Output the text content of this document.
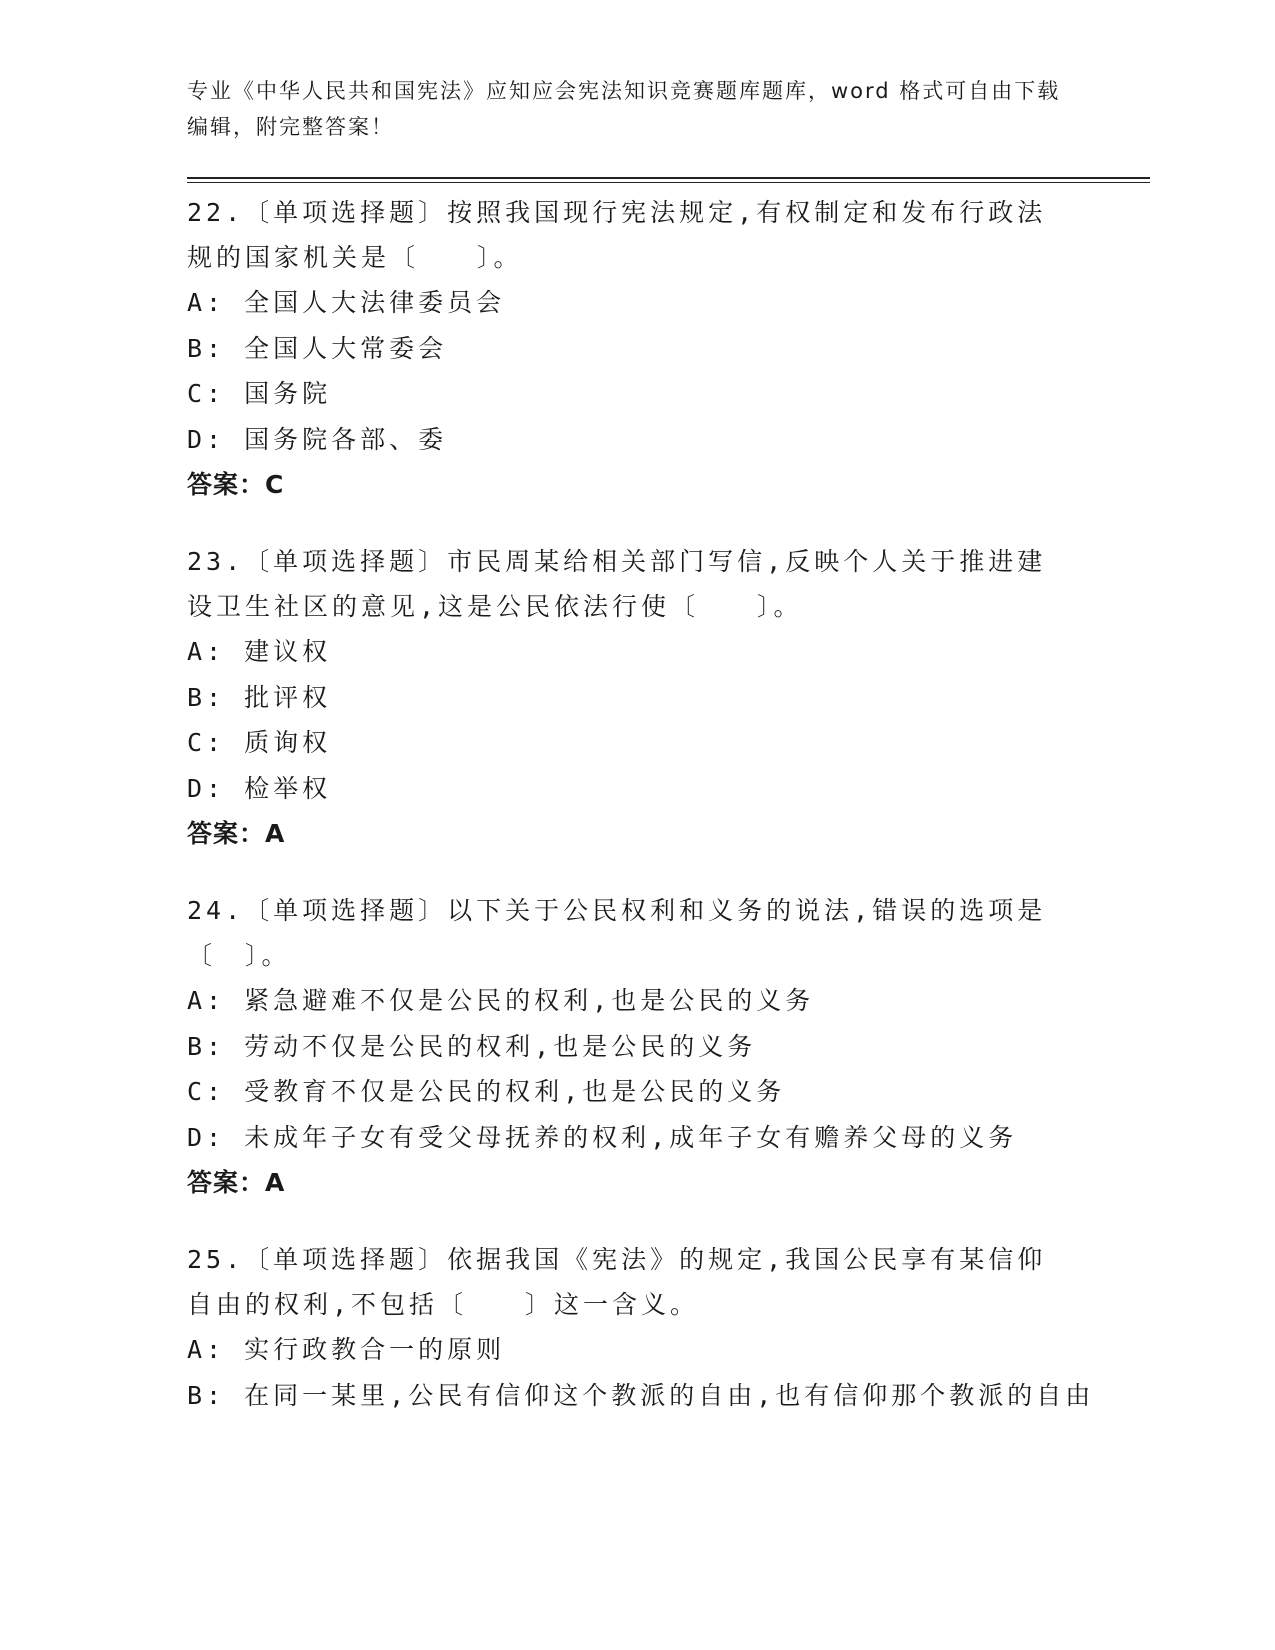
专业《中华人民共和国宪法》应知应会宪法知识竞赛题库题库，word 格式可自由下载编辑，附完整答案！
22.〔单项选择题〕按照我国现行宪法规定,有权制定和发布行政法规的国家机关是〔　　〕。
A: 全国人大法律委员会
B: 全国人大常委会
C: 国务院
D: 国务院各部、委
答案：C
23.〔单项选择题〕市民周某给相关部门写信,反映个人关于推进建设卫生社区的意见,这是公民依法行使〔　　〕。
A: 建议权
B: 批评权
C: 质询权
D: 检举权
答案：A
24.〔单项选择题〕以下关于公民权利和义务的说法,错误的选项是〔　〕。
A: 紧急避难不仅是公民的权利,也是公民的义务
B: 劳动不仅是公民的权利,也是公民的义务
C: 受教育不仅是公民的权利,也是公民的义务
D: 未成年子女有受父母抚养的权利,成年子女有赡养父母的义务
答案：A
25.〔单项选择题〕依据我国《宪法》的规定,我国公民享有某信仰自由的权利,不包括〔　　〕这一含义。
A: 实行政教合一的原则
B: 在同一某里,公民有信仰这个教派的自由,也有信仰那个教派的自由
